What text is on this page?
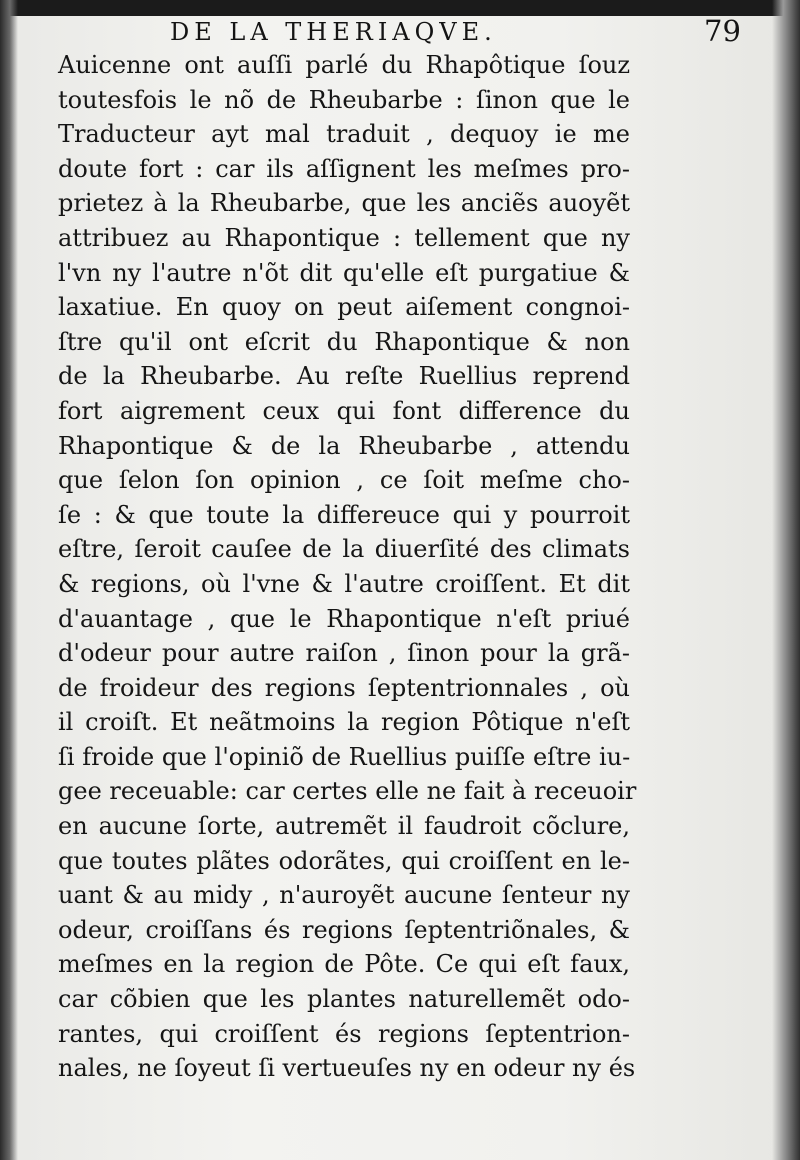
DE LA THERIAQVE.	79
Auicenne ont auſſi parlé du Rhapôtique ſouz
toutesfois le nõ de Rheubarbe : ſinon que le
Traducteur ayt mal traduit , dequoy ie me
doute fort : car ils aſſignent les meſmes pro-
prietez à la Rheubarbe, que les anciẽs auoyẽt
attribuez au Rhapontique : tellement que ny
l'vn ny l'autre n'õt dit qu'elle eſt purgatiue &
laxatiue. En quoy on peut aiſement congnoi-
ſtre qu'il ont eſcrit du Rhapontique & non
de la Rheubarbe. Au reſte Ruellius reprend
fort aigrement ceux qui font difference du
Rhapontique & de la Rheubarbe , attendu
que ſelon ſon opinion , ce ſoit meſme cho-
ſe : & que toute la differeuce qui y pourroit
eſtre, ſeroit cauſee de la diuerſité des climats
& regions, où l'vne & l'autre croiſſent. Et dit
d'auantage , que le Rhapontique n'eſt priué
d'odeur pour autre raiſon , ſinon pour la grã-
de froideur des regions ſeptentrionnales , où
il croiſt. Et neãtmoins la region Pôtique n'eſt
ſi froide que l'opiniõ de Ruellius puiſſe eſtre iu-
gee receuable: car certes elle ne fait à receuoir
en aucune ſorte, autremẽt il faudroit cõclure,
que toutes plãtes odorãtes, qui croiſſent en le-
uant & au midy , n'auroyẽt aucune ſenteur ny
odeur, croiſſans és regions ſeptentriõnales, &
meſmes en la region de Pôte. Ce qui eſt faux,
car cõbien que les plantes naturellemẽt odo-
rantes, qui croiſſent és regions ſeptentrion-
nales, ne ſoyeut ſi vertueuſes ny en odeur ny és
